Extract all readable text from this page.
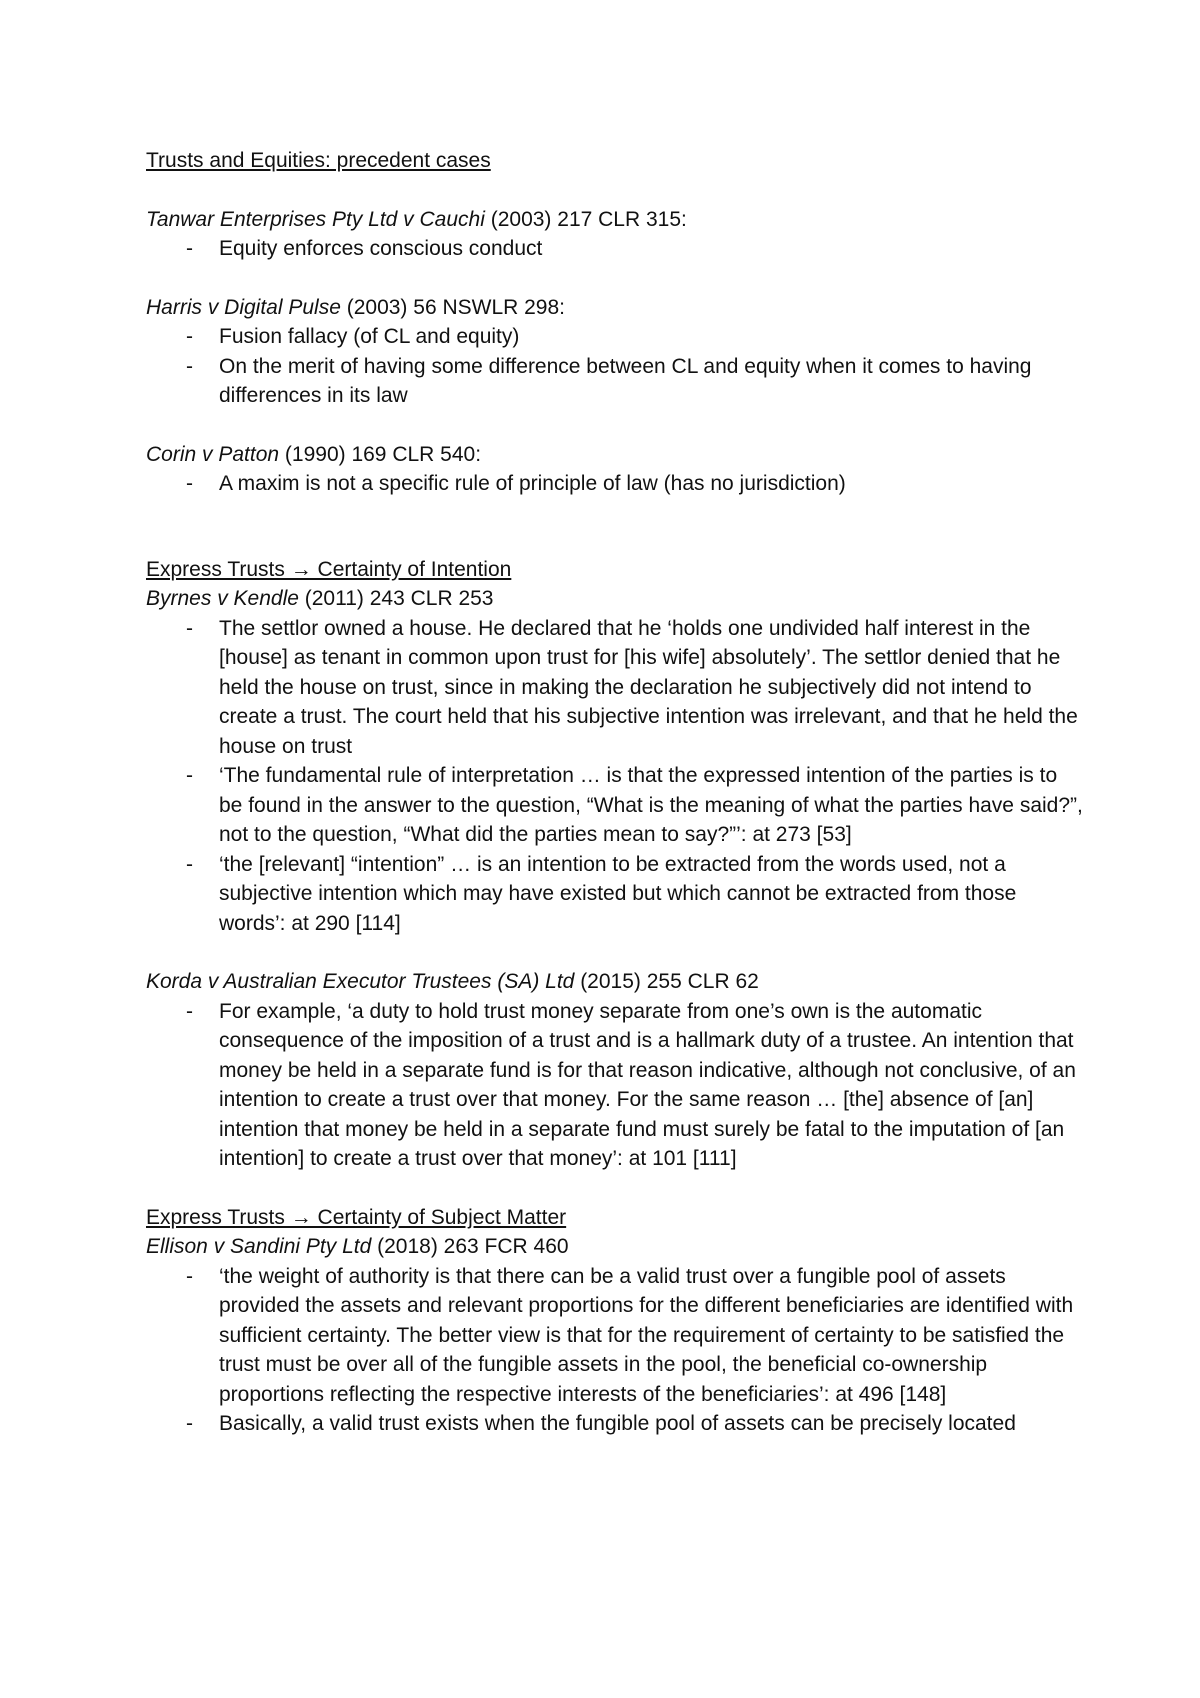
Trusts and Equities: precedent cases
Tanwar Enterprises Pty Ltd v Cauchi (2003) 217 CLR 315:
- Equity enforces conscious conduct
Harris v Digital Pulse (2003) 56 NSWLR 298:
- Fusion fallacy (of CL and equity)
- On the merit of having some difference between CL and equity when it comes to having differences in its law
Corin v Patton (1990) 169 CLR 540:
- A maxim is not a specific rule of principle of law (has no jurisdiction)
Express Trusts → Certainty of Intention
Byrnes v Kendle (2011) 243 CLR 253
- The settlor owned a house. He declared that he ‘holds one undivided half interest in the [house] as tenant in common upon trust for [his wife] absolutely’. The settlor denied that he held the house on trust, since in making the declaration he subjectively did not intend to create a trust. The court held that his subjective intention was irrelevant, and that he held the house on trust
- ‘The fundamental rule of interpretation … is that the expressed intention of the parties is to be found in the answer to the question, “What is the meaning of what the parties have said?”, not to the question, “What did the parties mean to say?”’: at 273 [53]
- ‘the [relevant] “intention” … is an intention to be extracted from the words used, not a subjective intention which may have existed but which cannot be extracted from those words’: at 290 [114]
Korda v Australian Executor Trustees (SA) Ltd (2015) 255 CLR 62
- For example, ‘a duty to hold trust money separate from one’s own is the automatic consequence of the imposition of a trust and is a hallmark duty of a trustee. An intention that money be held in a separate fund is for that reason indicative, although not conclusive, of an intention to create a trust over that money. For the same reason … [the] absence of [an] intention that money be held in a separate fund must surely be fatal to the imputation of [an intention] to create a trust over that money’: at 101 [111]
Express Trusts → Certainty of Subject Matter
Ellison v Sandini Pty Ltd (2018) 263 FCR 460
- ‘the weight of authority is that there can be a valid trust over a fungible pool of assets provided the assets and relevant proportions for the different beneficiaries are identified with sufficient certainty. The better view is that for the requirement of certainty to be satisfied the trust must be over all of the fungible assets in the pool, the beneficial co-ownership proportions reflecting the respective interests of the beneficiaries’: at 496 [148]
- Basically, a valid trust exists when the fungible pool of assets can be precisely located
